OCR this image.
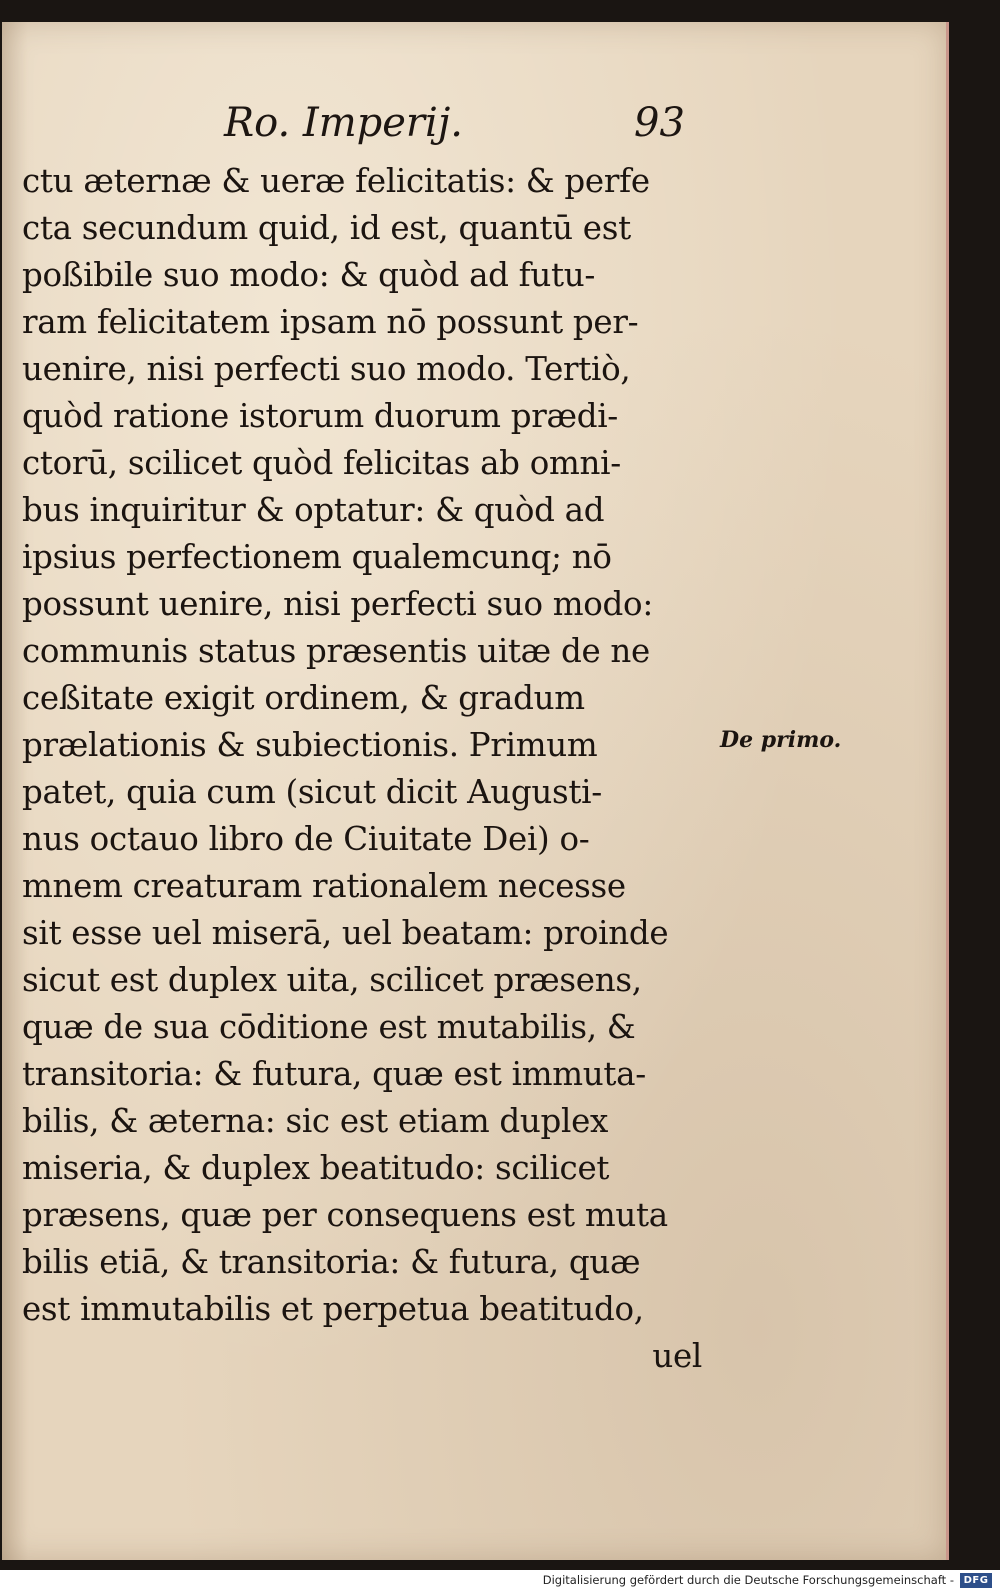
Ro. Imperij.	93
ctu æternæ & ueræ felicitatis: & perfe
cta secundum quid, id est, quantū est
poßibile suo modo: & quòd ad futu-
ram felicitatem ipsam nō possunt per-
uenire, nisi perfecti suo modo. Tertiò,
quòd ratione istorum duorum prædi-
ctorū, scilicet quòd felicitas ab omni-
bus inquiritur & optatur: & quòd ad
ipsius perfectionem qualemcunq; nō
possunt uenire, nisi perfecti suo modo:
communis status præsentis uitæ de ne
ceßitate exigit ordinem, & gradum
prælationis & subiectionis. Primum
patet, quia cum (sicut dicit Augusti-
nus octauo libro de Ciuitate Dei) o-
mnem creaturam rationalem necesse
sit esse uel miserā, uel beatam: proinde
sicut est duplex uita, scilicet præsens,
quæ de sua cōditione est mutabilis, &
transitoria: & futura, quæ est immuta-
bilis, & æterna: sic est etiam duplex
miseria, & duplex beatitudo: scilicet
præsens, quæ per consequens est muta
bilis etiā, & transitoria: & futura, quæ
est immutabilis et perpetua beatitudo,
uel
De primo.
Digitalisierung gefördert durch die Deutsche Forschungsgemeinschaft - DFG
